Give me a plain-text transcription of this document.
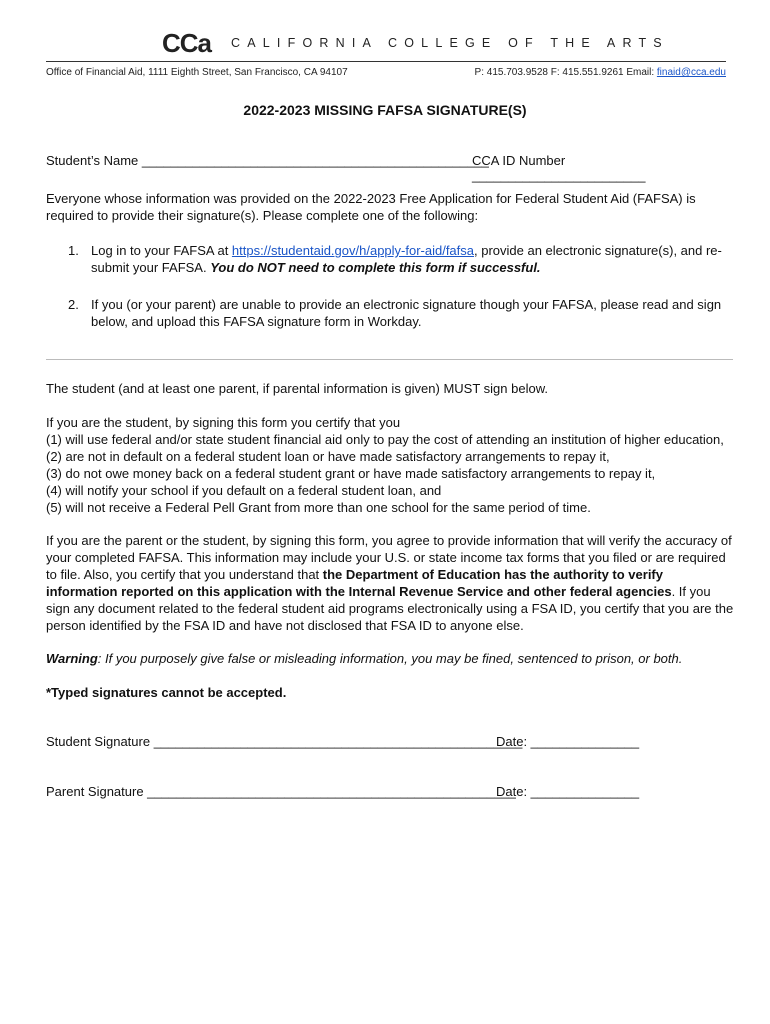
CCa CALIFORNIA COLLEGE OF THE ARTS
Office of Financial Aid, 1111 Eighth Street, San Francisco, CA 94107	P: 415.703.9528 F: 415.551.9261 Email: finaid@cca.edu
2022-2023 MISSING FAFSA SIGNATURE(S)
Student’s Name ________________________________________________
CCA ID Number ________________________
Everyone whose information was provided on the 2022-2023 Free Application for Federal Student Aid (FAFSA) is required to provide their signature(s). Please complete one of the following:
1. Log in to your FAFSA at https://studentaid.gov/h/apply-for-aid/fafsa, provide an electronic signature(s), and re-submit your FAFSA. You do NOT need to complete this form if successful.
2. If you (or your parent) are unable to provide an electronic signature though your FAFSA, please read and sign below, and upload this FAFSA signature form in Workday.
The student (and at least one parent, if parental information is given) MUST sign below.
If you are the student, by signing this form you certify that you
(1) will use federal and/or state student financial aid only to pay the cost of attending an institution of higher education,
(2) are not in default on a federal student loan or have made satisfactory arrangements to repay it,
(3) do not owe money back on a federal student grant or have made satisfactory arrangements to repay it,
(4) will notify your school if you default on a federal student loan, and
(5) will not receive a Federal Pell Grant from more than one school for the same period of time.
If you are the parent or the student, by signing this form, you agree to provide information that will verify the accuracy of your completed FAFSA. This information may include your U.S. or state income tax forms that you filed or are required to file. Also, you certify that you understand that the Department of Education has the authority to verify information reported on this application with the Internal Revenue Service and other federal agencies. If you sign any document related to the federal student aid programs electronically using a FSA ID, you certify that you are the person identified by the FSA ID and have not disclosed that FSA ID to anyone else.
Warning: If you purposely give false or misleading information, you may be fined, sentenced to prison, or both.
*Typed signatures cannot be accepted.
Student Signature ___________________________________________________
Date: _______________
Parent Signature ___________________________________________________
Date: _______________
